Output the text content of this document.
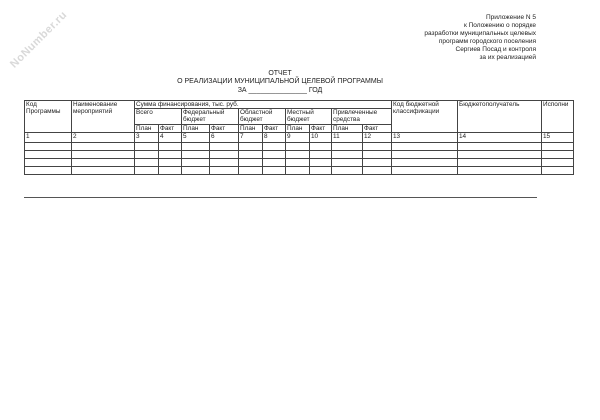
NoNumber.ru	Приложение N 5
к Положению о порядке
разработки муниципальных целевых
программ городского поселения
Сергиев Посад и контроля
за их реализацией
ОТЧЕТ
О РЕАЛИЗАЦИИ МУНИЦИПАЛЬНОЙ ЦЕЛЕВОЙ ПРОГРАММЫ
ЗА _______________ ГОД
Код Программы	Наименование мероприятий	Сумма финансирования, тыс. руб.										Код бюджетной классификации	Бюджетополучатель	Исполни
		Всего		Федеральный бюджет		Областной бюджет		Местный бюджет		Привлеченные средства				
		План	Факт	План	Факт	План	Факт	План	Факт	План	Факт			
1	2	3	4	5	6	7	8	9	10	11	12	13	14	15
